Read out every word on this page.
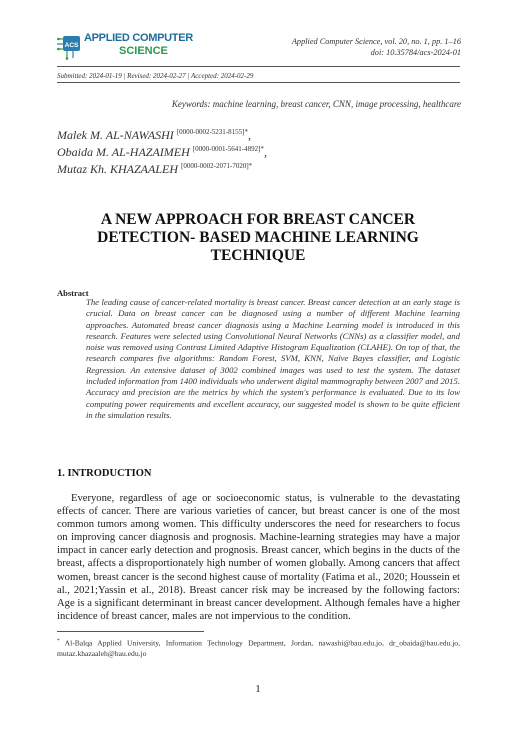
ACS
APPLIED COMPUTER
SCIENCE
Applied Computer Science, vol. 20, no. 1, pp. 1–16
doi: 10.35784/acs-2024-01
Submitted: 2024-01-19 | Revised: 2024-02-27 | Accepted: 2024-02-29
Keywords: machine learning, breast cancer, CNN, image processing, healthcare
Malek M. AL-NAWASHI $^{[0000-0002-5231-8155]*}$,
Obaida M. AL-HAZAIMEH $^{[0000-0001-5641-4892]*}$,
Mutaz Kh. KHAZAALEH $^{[0000-0002-2071-7020]*}$
A NEW APPROACH FOR BREAST CANCER
DETECTION- BASED MACHINE LEARNING
TECHNIQUE
Abstract
The leading cause of cancer-related mortality is breast cancer. Breast cancer detection at an early stage is crucial. Data on breast cancer can be diagnosed using a number of different Machine learning approaches. Automated breast cancer diagnosis using a Machine Learning model is introduced in this research. Features were selected using Convolutional Neural Networks (CNNs) as a classifier model, and noise was removed using Contrast Limited Adaptive Histogram Equalization (CLAHE). On top of that, the research compares five algorithms: Random Forest, SVM, KNN, Naïve Bayes classifier, and Logistic Regression. An extensive dataset of 3002 combined images was used to test the system. The dataset included information from 1400 individuals who underwent digital mammography between 2007 and 2015. Accuracy and precision are the metrics by which the system's performance is evaluated. Due to its low computing power requirements and excellent accuracy, our suggested model is shown to be quite efficient in the simulation results.
1. INTRODUCTION
Everyone, regardless of age or socioeconomic status, is vulnerable to the devastating effects of cancer. There are various varieties of cancer, but breast cancer is one of the most common tumors among women. This difficulty underscores the need for researchers to focus on improving cancer diagnosis and prognosis. Machine-learning strategies may have a major impact in cancer early detection and prognosis. Breast cancer, which begins in the ducts of the breast, affects a disproportionately high number of women globally. Among cancers that affect women, breast cancer is the second highest cause of mortality (Fatima et al., 2020; Houssein et al., 2021;Yassin et al., 2018). Breast cancer risk may be increased by the following factors: Age is a significant determinant in breast cancer development. Although females have a higher incidence of breast cancer, males are not impervious to the condition.
* Al-Balqa Applied University, Information Technology Department, Jordan, nawashi@bau.edu.jo, dr_obaida@bau.edu.jo, mutaz.khazaaleh@bau.edu.jo
1
